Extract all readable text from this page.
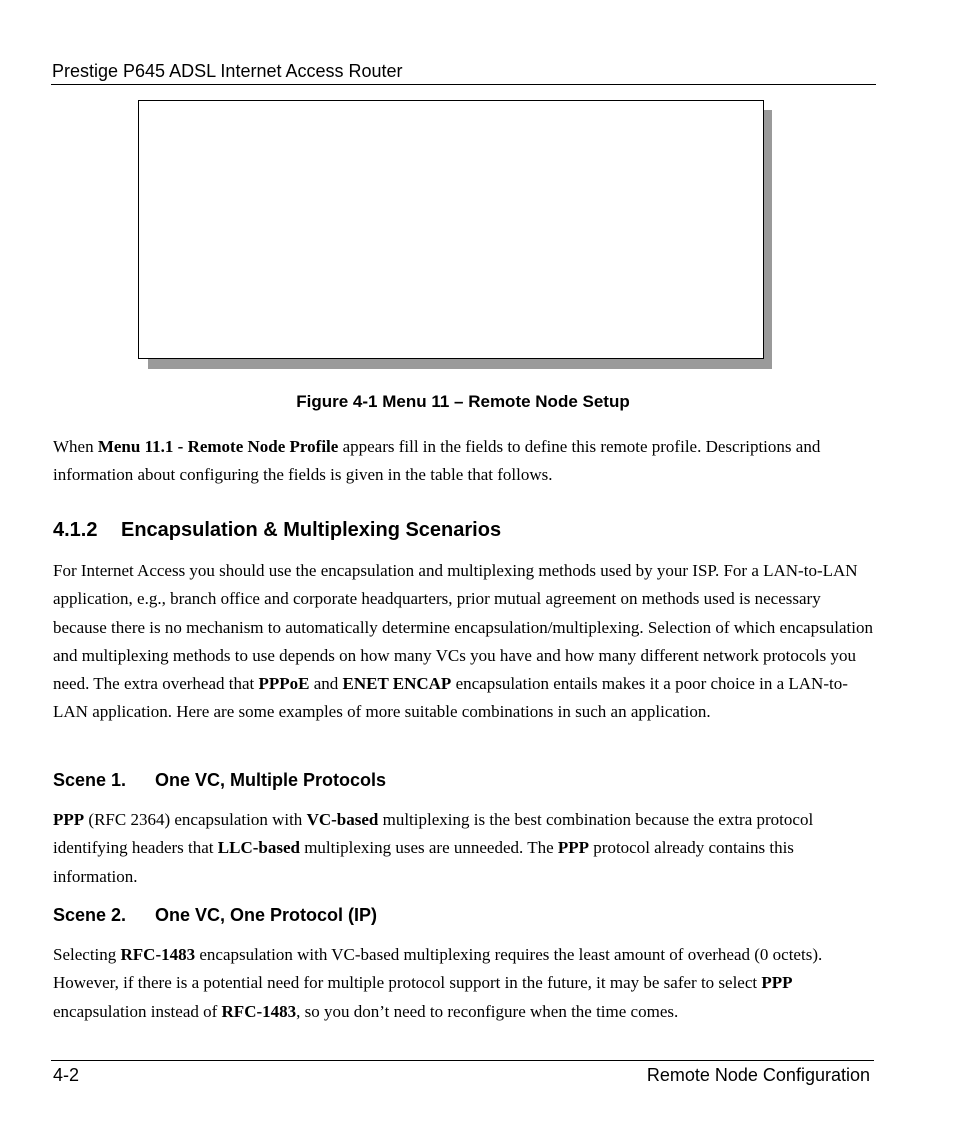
Prestige P645 ADSL Internet Access Router
Figure 4-1 Menu 11 – Remote Node Setup
When Menu 11.1 - Remote Node Profile appears fill in the fields to define this remote profile. Descriptions and information about configuring the fields is given in the table that follows.
4.1.2 Encapsulation & Multiplexing Scenarios
For Internet Access you should use the encapsulation and multiplexing methods used by your ISP. For a LAN-to-LAN application, e.g., branch office and corporate headquarters, prior mutual agreement on methods used is necessary because there is no mechanism to automatically determine encapsulation/multiplexing. Selection of which encapsulation and multiplexing methods to use depends on how many VCs you have and how many different network protocols you need. The extra overhead that PPPoE and ENET ENCAP encapsulation entails makes it a poor choice in a LAN-to-LAN application. Here are some examples of more suitable combinations in such an application.
Scene 1. One VC, Multiple Protocols
PPP (RFC 2364) encapsulation with VC-based multiplexing is the best combination because the extra protocol identifying headers that LLC-based multiplexing uses are unneeded. The PPP protocol already contains this information.
Scene 2. One VC, One Protocol (IP)
Selecting RFC-1483 encapsulation with VC-based multiplexing requires the least amount of overhead (0 octets). However, if there is a potential need for multiple protocol support in the future, it may be safer to select PPP encapsulation instead of RFC-1483, so you don’t need to reconfigure when the time comes.
4-2	Remote Node Configuration
